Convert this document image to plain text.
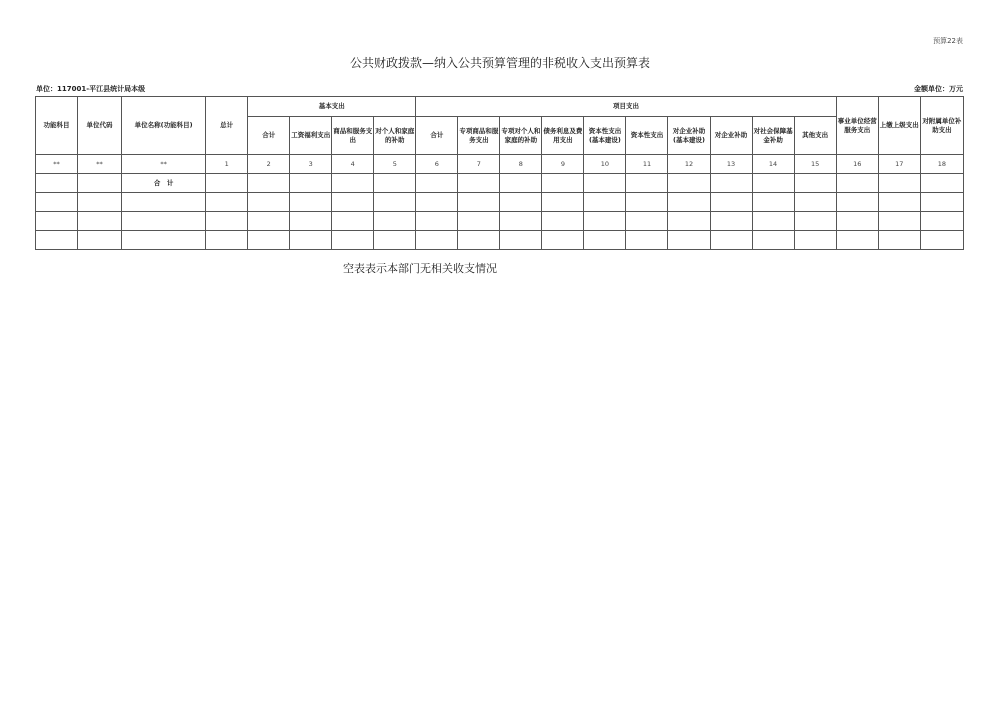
预算22表
公共财政拨款—纳入公共预算管理的非税收入支出预算表
单位：117001-平江县统计局本级	金额单位：万元
功能科目	单位代码	单位名称(功能科目)	总计	基本支出				项目支出										事业单位经营服务支出	上缴上级支出	对附属单位补助支出
				合计	工资福利支出	商品和服务支出	对个人和家庭的补助	合计	专项商品和服务支出	专项对个人和家庭的补助	债务利息及费用支出	资本性支出(基本建设)	资本性支出	对企业补助(基本建设)	对企业补助	对社会保障基金补助	其他支出			
**	**	**	1	2	3	4	5	6	7	8	9	10	11	12	13	14	15	16	17	18
		合　计																		

空表表示本部门无相关收支情况
